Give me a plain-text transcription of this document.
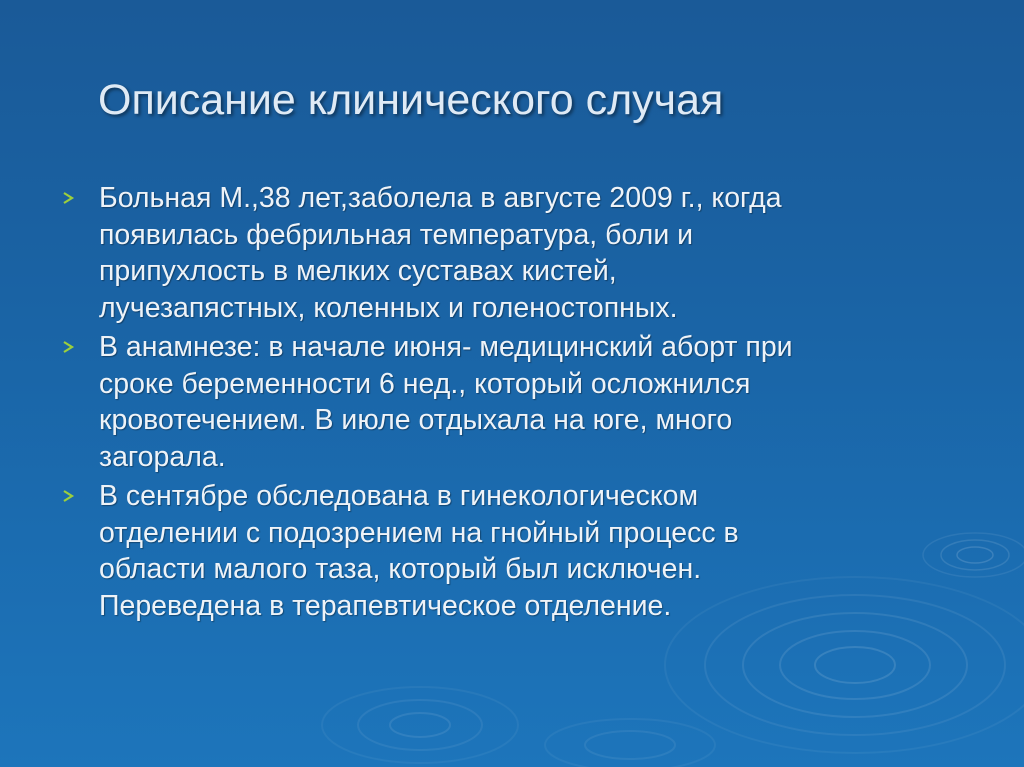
Описание клинического случая
Больная М.,38 лет,заболела в августе 2009 г., когда
появилась фебрильная температура, боли и
припухлость в мелких суставах кистей,
лучезапястных, коленных и голеностопных.
В анамнезе: в начале июня- медицинский аборт при
сроке беременности 6 нед., который осложнился
кровотечением. В июле отдыхала на юге, много
загорала.
В сентябре обследована в гинекологическом
отделении с подозрением на гнойный процесс в
области малого таза, который был исключен.
Переведена в терапевтическое отделение.
